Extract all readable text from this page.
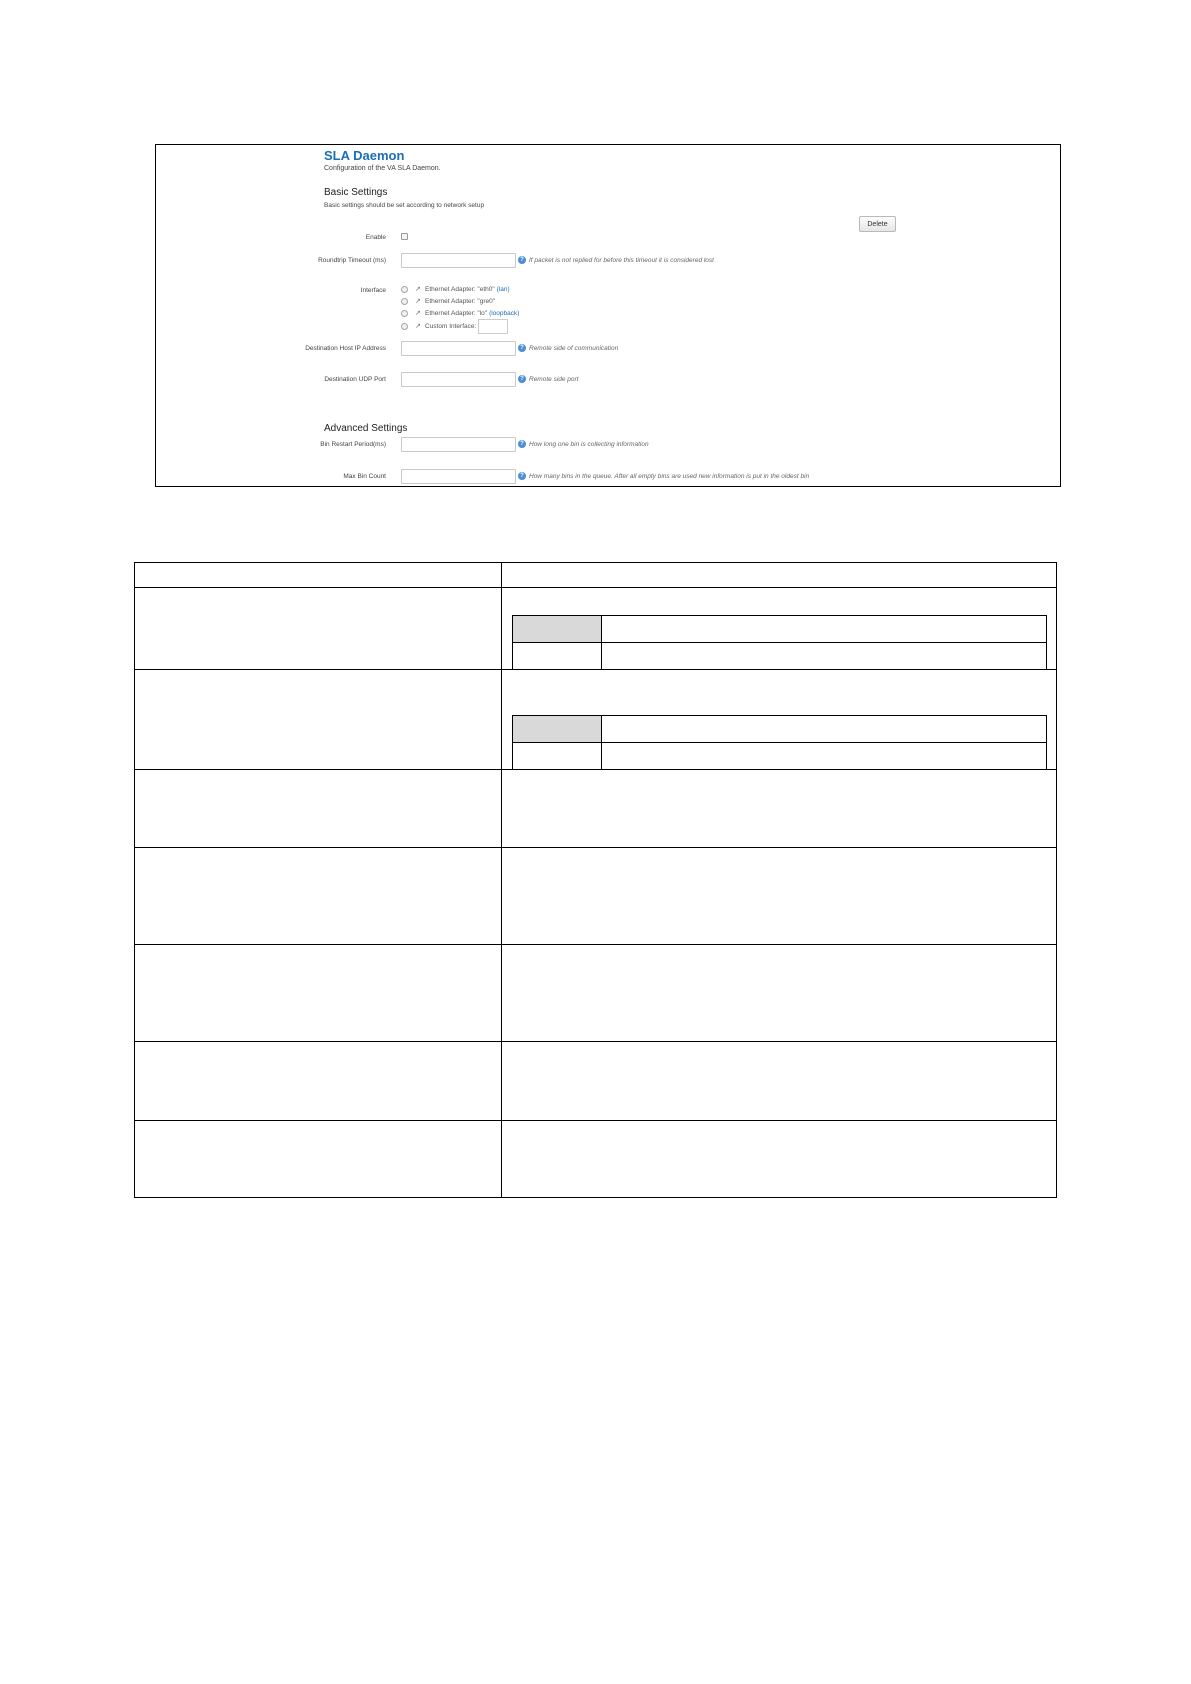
SLA Daemon
Configuration of the VA SLA Daemon.
Basic Settings
Basic settings should be set according to network setup
Delete
Enable
Roundtrip Timeout (ms)	? If packet is not replied for before this timeout it is considered lost
Interface	↗ Ethernet Adapter: "eth0" (lan)
↗ Ethernet Adapter: "gre0"
↗ Ethernet Adapter: "lo" (loopback)
↗ Custom Interface:
Destination Host IP Address	? Remote side of communication
Destination UDP Port	? Remote side port
Advanced Settings
Bin Restart Period(ms)	? How long one bin is collecting information
Max Bin Count	? How many bins in the queue. After all empty bins are used new information is put in the oldest bin
